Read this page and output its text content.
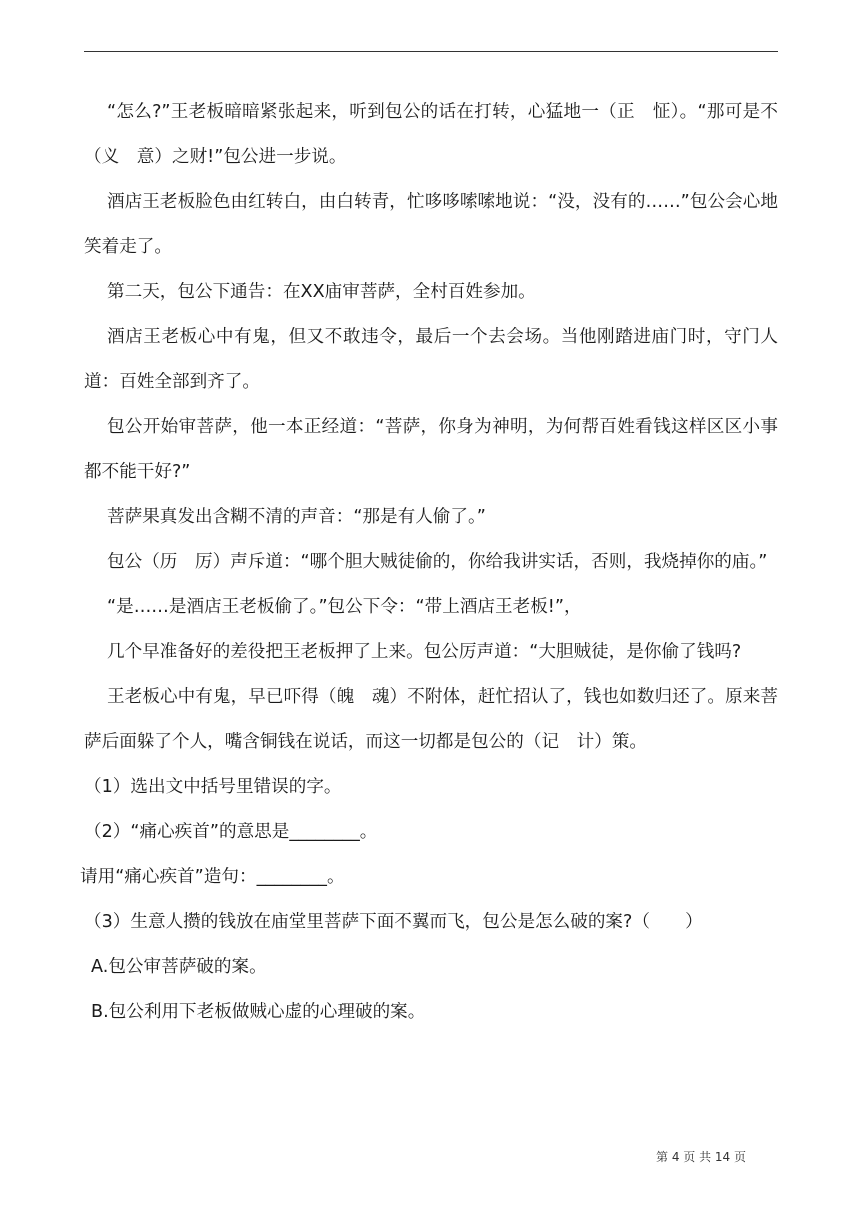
“怎么?”王老板暗暗紧张起来，听到包公的话在打转，心猛地一（正　怔）。“那可是不（义　意）之财!”包公进一步说。

酒店王老板脸色由红转白，由白转青，忙哆哆嗦嗦地说：“没，没有的……”包公会心地笑着走了。

第二天，包公下通告：在XX庙审菩萨，全村百姓参加。

酒店王老板心中有鬼，但又不敢违令，最后一个去会场。当他刚踏进庙门时，守门人道：百姓全部到齐了。

包公开始审菩萨，他一本正经道：“菩萨，你身为神明，为何帮百姓看钱这样区区小事都不能干好?”

菩萨果真发出含糊不清的声音：“那是有人偷了。”

包公（历　厉）声斥道：“哪个胆大贼徒偷的，你给我讲实话，否则，我烧掉你的庙。”

“是……是酒店王老板偷了。”包公下令：“带上酒店王老板!”，

几个早准备好的差役把王老板押了上来。包公厉声道：“大胆贼徒，是你偷了钱吗?

王老板心中有鬼，早已吓得（魄　魂）不附体，赶忙招认了，钱也如数归还了。原来菩萨后面躲了个人，嘴含铜钱在说话，而这一切都是包公的（记　计）策。

（1）选出文中括号里错误的字。

（2）“痛心疾首”的意思是________。

请用“痛心疾首”造句：________。

（3）生意人攒的钱放在庙堂里菩萨下面不翼而飞，包公是怎么破的案?（　　）

A.包公审菩萨破的案。

B.包公利用下老板做贼心虚的心理破的案。

第 4 页 共 14 页
